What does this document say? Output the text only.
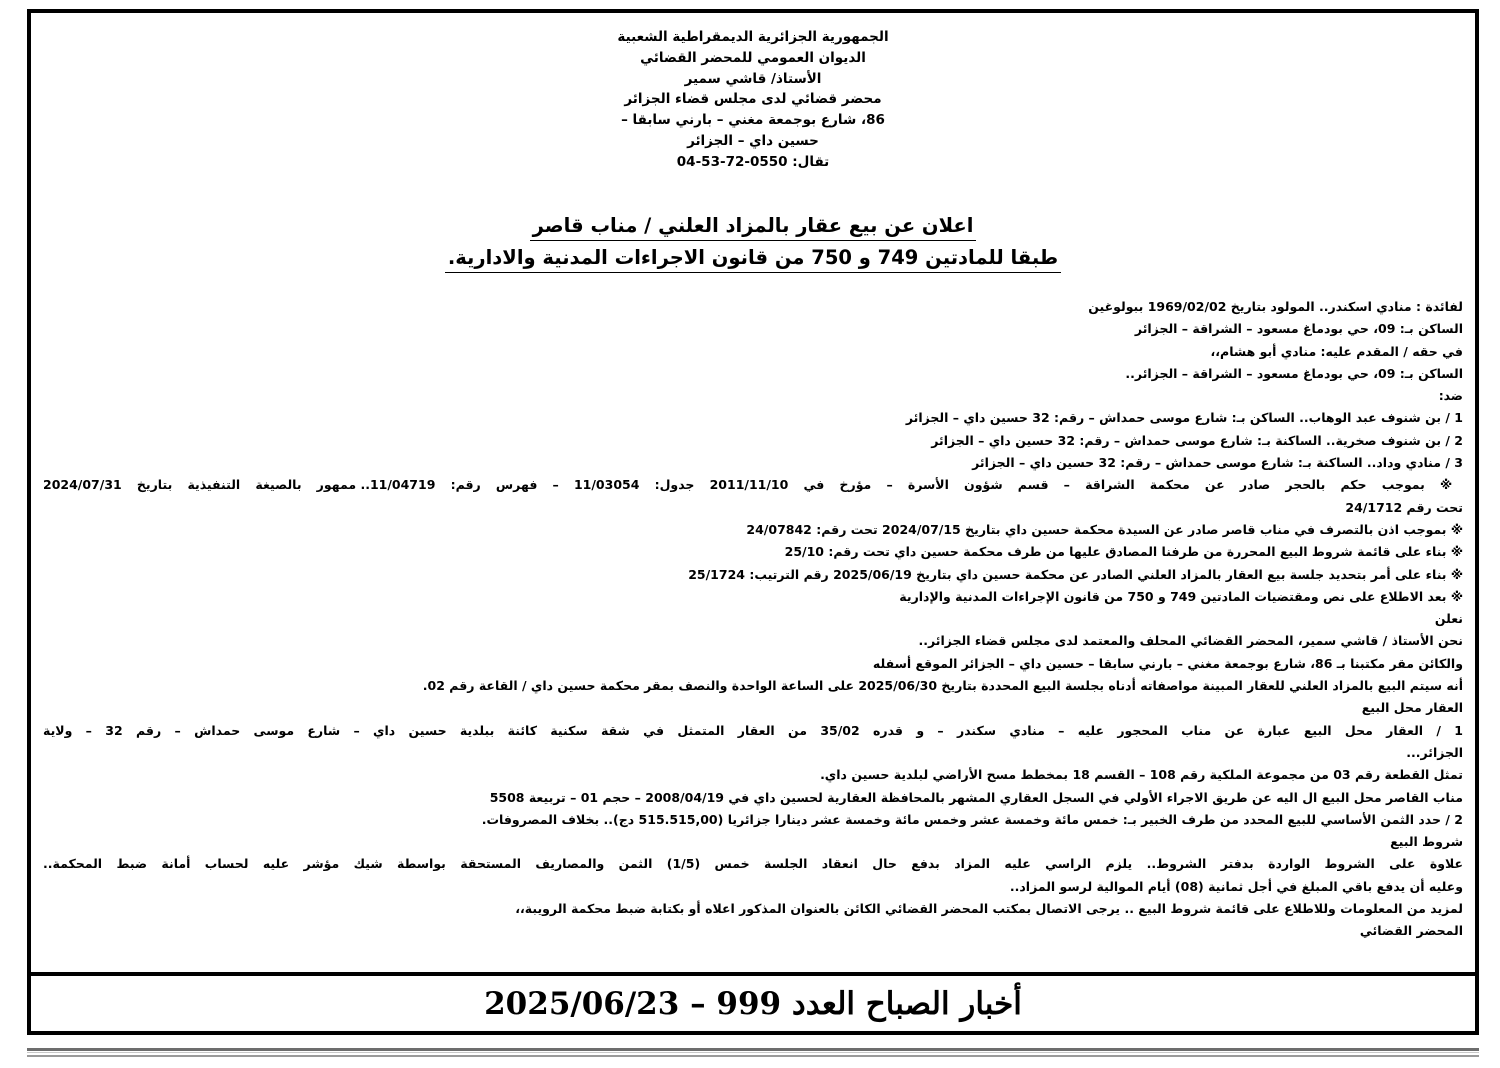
الجمهورية الجزائرية الديمقراطية الشعبية
الديوان العمومي للمحضر القضائي
الأستاذ/ قاشي سمير
محضر قضائي لدى مجلس قضاء الجزائر
86، شارع بوجمعة مغني – بارني سابقا –
حسين داي – الجزائر
تقال: 0550-72-53-04
اعلان عن بيع عقار بالمزاد العلني / مناب قاصر
طبقا للمادتين 749 و 750 من قانون الاجراءات المدنية والادارية.
لفائدة : منادي اسكندر.. المولود بتاريخ 1969/02/02 ببولوغين
الساكن بـ: 09، حي بودماغ مسعود – الشراقة – الجزائر
في حقه / المقدم عليه: منادي أبو هشام،،
الساكن بـ: 09، حي بودماغ مسعود – الشراقة – الجزائر..
ضد:
1 / بن شنوف عبد الوهاب.. الساكن بـ: شارع موسى حمداش – رقم: 32 حسين داي – الجزائر
2 / بن شنوف صخرية.. الساكنة بـ: شارع موسى حمداش – رقم: 32 حسين داي – الجزائر
3 / منادي وداد.. الساكنة بـ: شارع موسى حمداش – رقم: 32 حسين داي – الجزائر
※ بموجب حكم بالحجر صادر عن محكمة الشراقة – قسم شؤون الأسرة – مؤرخ في 2011/11/10 جدول: 11/03054 – فهرس رقم: 11/04719.. ممهور بالصيغة التنفيذية بتاريخ 2024/07/31
تحت رقم 24/1712
※ بموجب اذن بالتصرف في مناب قاصر صادر عن السيدة محكمة حسين داي بتاريخ 2024/07/15 تحت رقم: 24/07842
※ بناء على قائمة شروط البيع المحررة من طرفنا المصادق عليها من طرف محكمة حسين داي تحت رقم: 25/10
※ بناء على أمر بتحديد جلسة بيع العقار بالمزاد العلني الصادر عن محكمة حسين داي بتاريخ 2025/06/19 رقم الترتيب: 25/1724
※ بعد الاطلاع على نص ومقتضيات المادتين 749 و 750 من قانون الإجراءات المدنية والإدارية
نعلن
نحن الأستاذ / قاشي سمير، المحضر القضائي المحلف والمعتمد لدى مجلس قضاء الجزائر..
والكائن مقر مكتبنا بـ 86، شارع بوجمعة مغني – بارني سابقا – حسين داي – الجزائر الموقع أسفله
أنه سيتم البيع بالمزاد العلني للعقار المبينة مواصفاته أدناه بجلسة البيع المحددة بتاريخ 2025/06/30 على الساعة الواحدة والنصف بمقر محكمة حسين داي / القاعة رقم 02.
العقار محل البيع
1 / العقار محل البيع عبارة عن مناب المحجور عليه – منادي سكندر – و قدره 35/02 من العقار المتمثل في شقة سكنية كائنة ببلدية حسين داي – شارع موسى حمداش – رقم 32 – ولاية
الجزائر...
تمثل القطعة رقم 03 من مجموعة الملكية رقم 108 – القسم 18 بمخطط مسح الأراضي لبلدية حسين داي.
مناب القاصر محل البيع ال اليه عن طريق الاجراء الأولي في السجل العقاري المشهر بالمحافظة العقارية لحسين داي في 2008/04/19 – حجم 01 – تربيعة 5508
2 / حدد الثمن الأساسي للبيع المحدد من طرف الخبير بـ: خمس مائة وخمسة عشر وخمس مائة وخمسة عشر دينارا جزائريا (515.515,00 دج).. بخلاف المصروفات.
شروط البيع
علاوة على الشروط الواردة بدفتر الشروط.. يلزم الراسي عليه المزاد بدفع حال انعقاد الجلسة خمس (1/5) الثمن والمصاريف المستحقة بواسطة شيك مؤشر عليه لحساب أمانة ضبط المحكمة..
وعليه أن يدفع باقي المبلغ في أجل ثمانية (08) أيام الموالية لرسو المزاد..
لمزيد من المعلومات وللاطلاع على قائمة شروط البيع .. يرجى الاتصال بمكتب المحضر القضائي الكائن بالعنوان المذكور اعلاه أو بكتابة ضبط محكمة الرويبة،،
المحضر القضائي
أخبار الصباح العدد 999 – 2025/06/23
